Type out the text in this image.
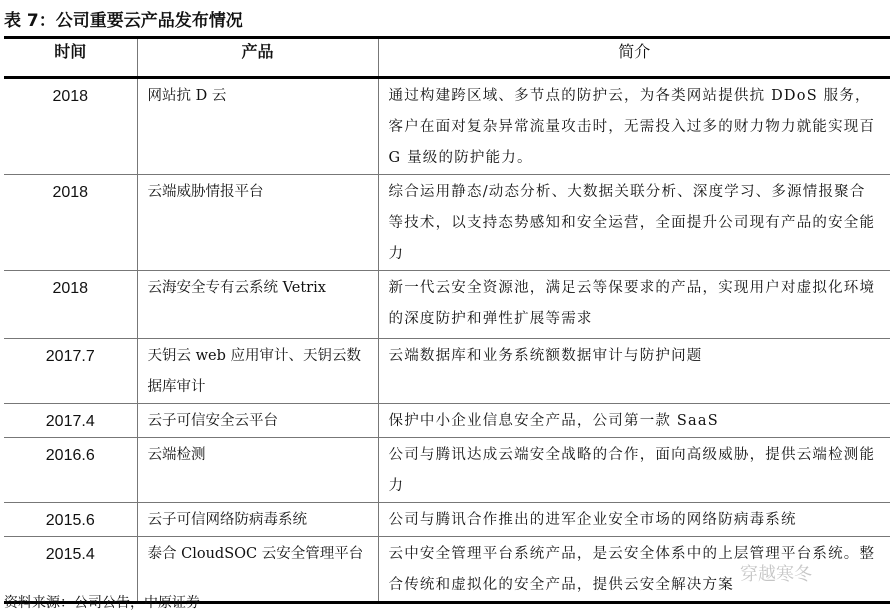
表 7：公司重要云产品发布情况
时间	产品	简介
2018	网站抗 D 云	通过构建跨区域、多节点的防护云，为各类网站提供抗 DDoS 服务，客户在面对复杂异常流量攻击时，无需投入过多的财力物力就能实现百 G 量级的防护能力。
2018	云端威胁情报平台	综合运用静态/动态分析、大数据关联分析、深度学习、多源情报聚合等技术，以支持态势感知和安全运营，全面提升公司现有产品的安全能力
2018	云海安全专有云系统 Vetrix	新一代云安全资源池，满足云等保要求的产品，实现用户对虚拟化环境的深度防护和弹性扩展等需求
2017.7	天钥云 web 应用审计、天钥云数据库审计	云端数据库和业务系统额数据审计与防护问题
2017.4	云子可信安全云平台	保护中小企业信息安全产品，公司第一款 SaaS
2016.6	云端检测	公司与腾讯达成云端安全战略的合作，面向高级威胁，提供云端检测能力
2015.6	云子可信网络防病毒系统	公司与腾讯合作推出的进军企业安全市场的网络防病毒系统
2015.4	泰合 CloudSOC 云安全管理平台	云中安全管理平台系统产品，是云安全体系中的上层管理平台系统。整合传统和虚拟化的安全产品，提供云安全解决方案
资料来源：公司公告，中原证券
穿越寒冬
